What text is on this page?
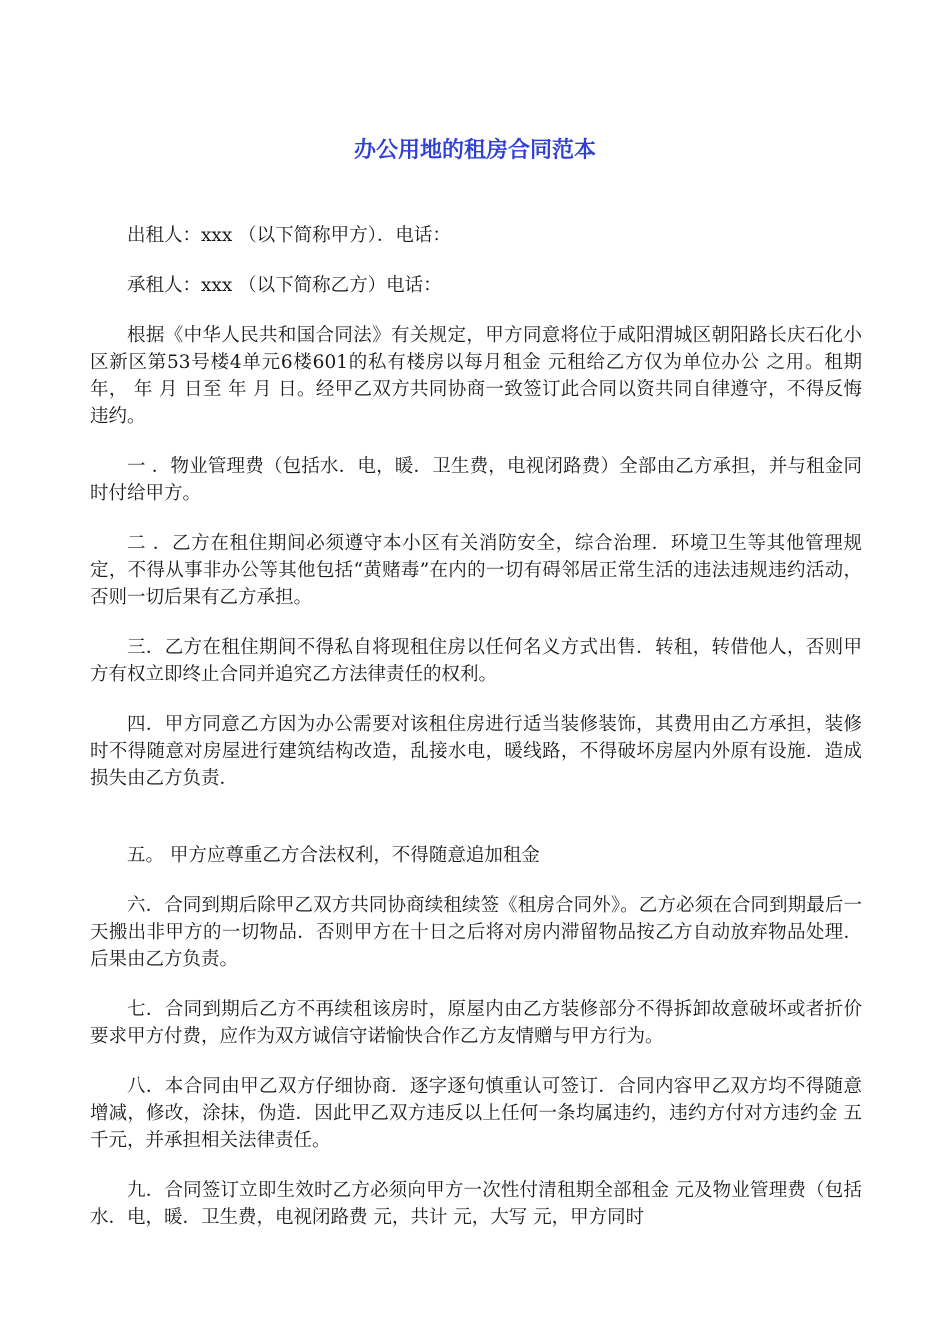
办公用地的租房合同范本

出租人：xxx （以下简称甲方）．电话：

承租人：xxx （以下简称乙方）电话：

根据《中华人民共和国合同法》有关规定，甲方同意将位于咸阳渭城区朝阳路长庆石化小区新区第53号楼4单元6楼601的私有楼房以每月租金 元租给乙方仅为单位办公 之用。租期 年， 年 月 日至 年 月 日。经甲乙双方共同协商一致签订此合同以资共同自律遵守，不得反悔违约。

一 ．物业管理费（包括水．电，暖．卫生费，电视闭路费）全部由乙方承担，并与租金同时付给甲方。

二 ．乙方在租住期间必须遵守本小区有关消防安全，综合治理．环境卫生等其他管理规定，不得从事非办公等其他包括“黄赌毒”在内的一切有碍邻居正常生活的违法违规违约活动，否则一切后果有乙方承担。

三．乙方在租住期间不得私自将现租住房以任何名义方式出售．转租，转借他人，否则甲方有权立即终止合同并追究乙方法律责任的权利。

四．甲方同意乙方因为办公需要对该租住房进行适当装修装饰，其费用由乙方承担，装修时不得随意对房屋进行建筑结构改造，乱接水电，暖线路，不得破坏房屋内外原有设施．造成损失由乙方负责．

五。 甲方应尊重乙方合法权利，不得随意追加租金

六．合同到期后除甲乙双方共同协商续租续签《租房合同外》。乙方必须在合同到期最后一天搬出非甲方的一切物品．否则甲方在十日之后将对房内滞留物品按乙方自动放弃物品处理．后果由乙方负责。

七．合同到期后乙方不再续租该房时，原屋内由乙方装修部分不得拆卸故意破坏或者折价要求甲方付费，应作为双方诚信守诺愉快合作乙方友情赠与甲方行为。

八．本合同由甲乙双方仔细协商．逐字逐句慎重认可签订．合同内容甲乙双方均不得随意增减，修改，涂抹，伪造．因此甲乙双方违反以上任何一条均属违约，违约方付对方违约金 五千元，并承担相关法律责任。

九．合同签订立即生效时乙方必须向甲方一次性付清租期全部租金 元及物业管理费（包括水．电，暖．卫生费，电视闭路费 元，共计 元，大写 元，甲方同时
